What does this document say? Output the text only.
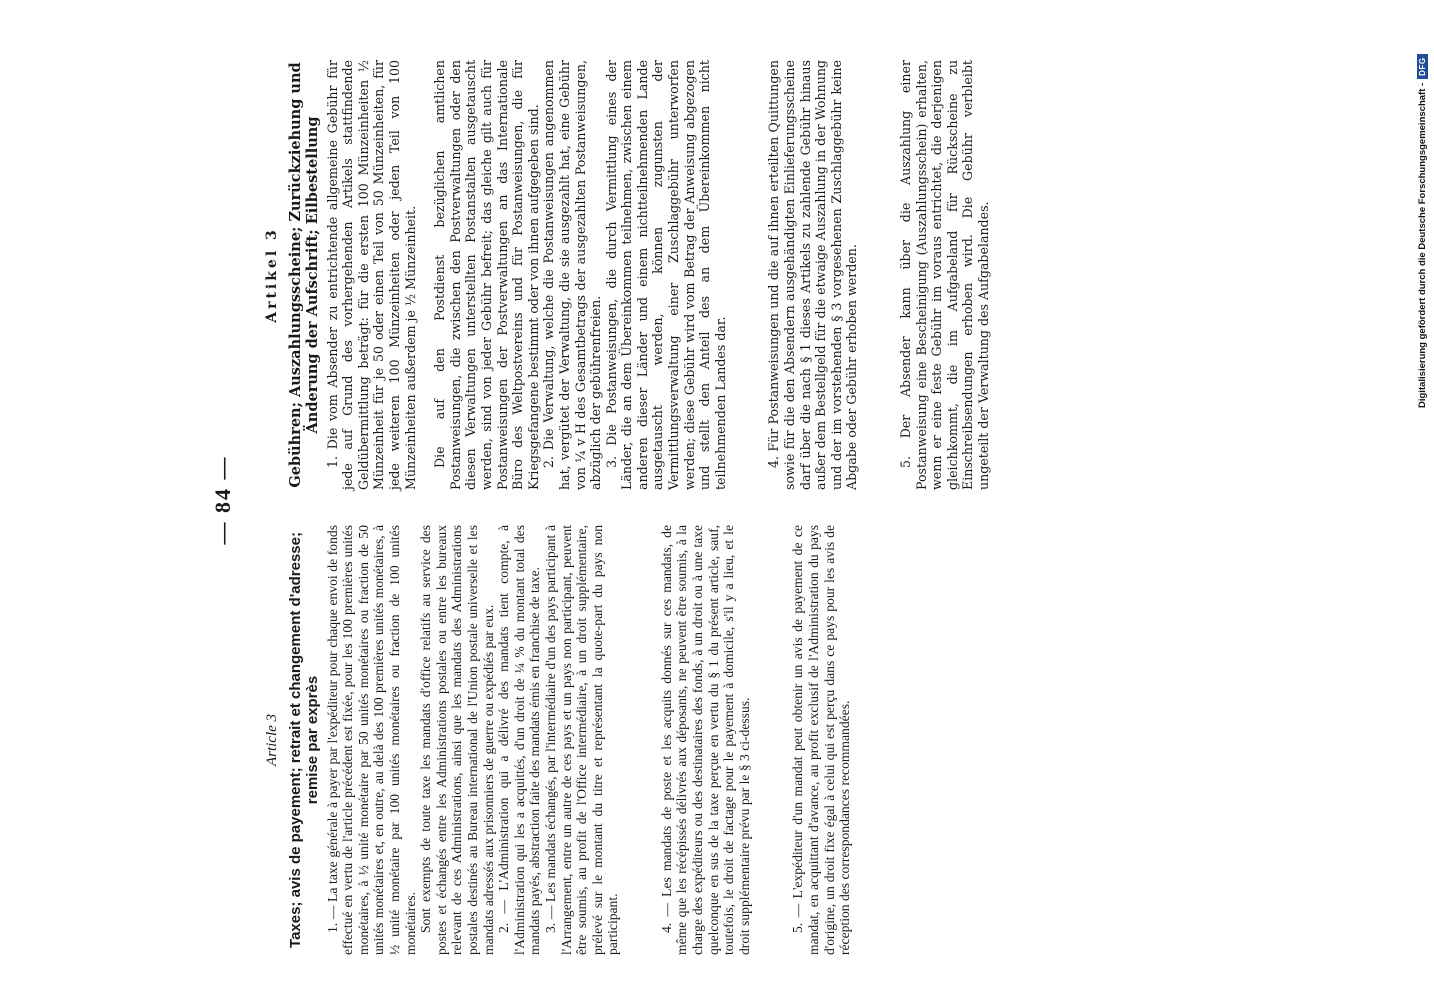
— 84 —
Article 3 Taxes; avis de payement; retrait et changement d'adresse; remise par exprès 1. — La taxe générale à payer par l'expéditeur pour chaque envoi de fonds effectué en vertu de l'article précédent est fixée, pour les 100 premières unités monétaires, à ½ unité monétaire par 50 unités monétaires ou fraction de 50 unités monétaires et, en outre, au delà des 100 premières unités monétaires, à ½ unité monétaire par 100 unités monétaires ou fraction de 100 unités monétaires. Sont exempts de toute taxe les mandats d'office relatifs au service des postes et échangés entre les Administrations postales ou entre les bureaux relevant de ces Administrations, ainsi que les mandats des Administrations postales destinés au Bureau international de l'Union postale universelle et les mandats adressés aux prisonniers de guerre ou expédiés par eux. 2. — L'Administration qui a délivré des mandats tient compte, à l'Administration qui les a acquittés, d'un droit de ¼ % du montant total des mandats payés, abstraction faite des mandats émis en franchise de taxe. 3. — Les mandats échangés, par l'intermédiaire d'un des pays participant à l'Arrangement, entre un autre de ces pays et un pays non participant, peuvent être soumis, au profit de l'Office intermédiaire, à un droit supplémentaire, prélevé sur le montant du titre et représentant la quote-part du pays non participant.	4. — Les mandats de poste et les acquits donnés sur ces mandats, de même que les récépissés délivrés aux déposants, ne peuvent être soumis, à la charge des expéditeurs ou des destinataires des fonds, à un droit ou à une taxe quelconque en sus de la taxe perçue en vertu du § 1 du présent article, sauf, toutefois, le droit de factage pour le payement à domicile, s'il y a lieu, et le droit supplémentaire prévu par le § 3 ci-dessus.	5. — L'expéditeur d'un mandat peut obtenir un avis de payement de ce mandat, en acquittant d'avance, au profit exclusif de l'Administration du pays d'origine, un droit fixe égal à celui qui est perçu dans ce pays pour les avis de réception des correspondances recommandées.

Artikel 3 Gebühren; Auszahlungsscheine; Zurückziehung und Änderung der Aufschrift; Eilbestellung 1. Die vom Absender zu entrichtende allgemeine Gebühr für jede auf Grund des vorhergehenden Artikels stattfindende Geldübermittlung beträgt: für die ersten 100 Münzeinheiten ½ Münzeinheit für je 50 oder einen Teil von 50 Münzeinheiten, für jede weiteren 100 Münzeinheiten oder jeden Teil von 100 Münzeinheiten außerdem je ½ Münzeinheit. Die auf den Postdienst bezüglichen amtlichen Postanweisungen, die zwischen den Postverwaltungen oder den diesen Verwaltungen unterstellten Postanstalten ausgetauscht werden, sind von jeder Gebühr befreit; das gleiche gilt auch für Postanweisungen der Postverwaltungen an das Internationale Büro des Weltpostvereins und für Postanweisungen, die für Kriegsgefangene bestimmt oder von ihnen aufgegeben sind. 2. Die Verwaltung, welche die Postanweisungen angenommen hat, vergütet der Verwaltung, die sie ausgezahlt hat, eine Gebühr von ¼ v H des Gesamtbetrags der ausgezahlten Postanweisungen, abzüglich der gebührenfreien. 3. Die Postanweisungen, die durch Vermittlung eines der Länder, die an dem Übereinkommen teilnehmen, zwischen einem anderen dieser Länder und einem nichtteilnehmenden Lande ausgetauscht werden, können zugunsten der Vermittlungsverwaltung einer Zuschlaggebühr unterworfen werden; diese Gebühr wird vom Betrag der Anweisung abgezogen und stellt den Anteil des an dem Übereinkommen nicht teilnehmenden Landes dar.	4. Für Postanweisungen und die auf ihnen erteilten Quittungen sowie für die den Absendern ausgehändigten Einlieferungsscheine darf über die nach § 1 dieses Artikels zu zahlende Gebühr hinaus außer dem Bestellgeld für die etwaige Auszahlung in der Wohnung und der im vorstehenden § 3 vorgesehenen Zuschlaggebühr keine Abgabe oder Gebühr erhoben werden.	5. Der Absender kann über die Auszahlung einer Postanweisung eine Bescheinigung (Auszahlungsschein) erhalten, wenn er eine feste Gebühr im voraus entrichtet, die derjenigen gleichkommt, die im Aufgabeland für Rückscheine zu Einschreibsendungen erhoben wird. Die Gebühr verbleibt ungeteilt der Verwaltung des Aufgabelandes.	Digitalisierung gefördert durch die Deutsche Forschungsgemeinschaft -
DFG
